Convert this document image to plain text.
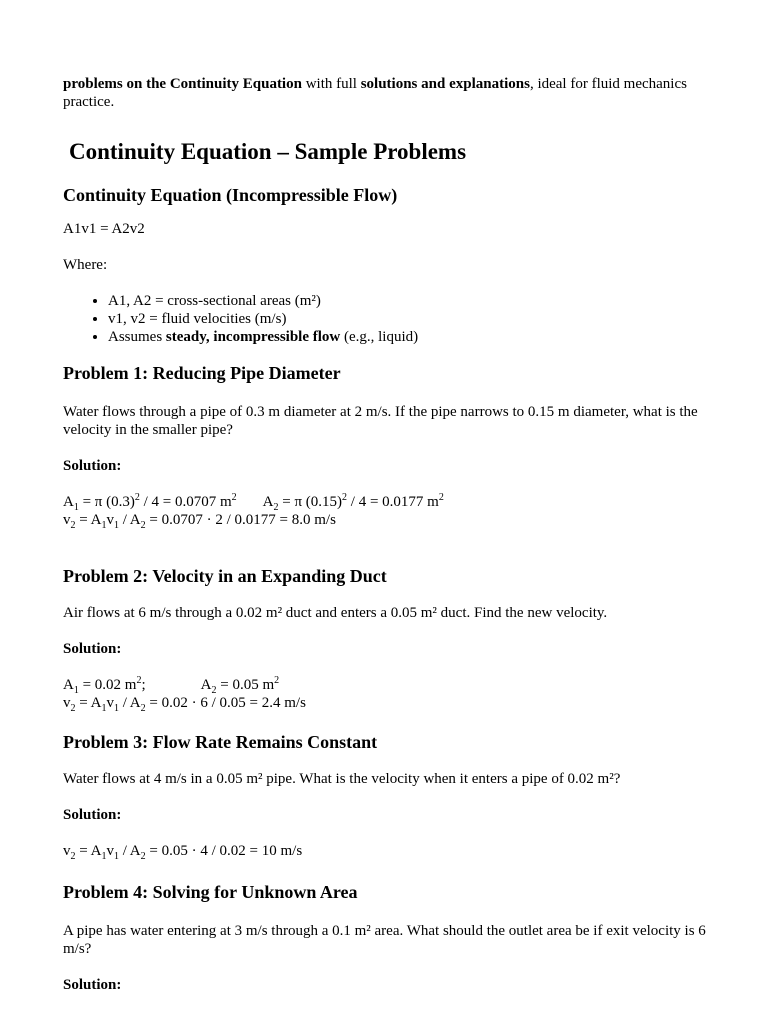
problems on the Continuity Equation with full solutions and explanations, ideal for fluid mechanics practice.

Continuity Equation – Sample Problems
Continuity Equation (Incompressible Flow)

A1v1 = A2v2

Where:

• A1, A2 = cross-sectional areas (m²)
• v1, v2 = fluid velocities (m/s)
• Assumes steady, incompressible flow (e.g., liquid)
Problem 1: Reducing Pipe Diameter

Water flows through a pipe of 0.3 m diameter at 2 m/s. If the pipe narrows to 0.15 m diameter, what is the velocity in the smaller pipe?

Solution:

$A_1 = \pi$ $(0.3)^2 / 4 = 0.0707$ $m^2$ $A_2 = \pi$ $(0.15)^2 / 4 = 0.0177$ $m^2$
$v_2 = A_1v_1 / A_2 = 0.0707 \cdot 2 / 0.0177 = 8.0$ m/s
Problem 2: Velocity in an Expanding Duct

Air flows at 6 m/s through a 0.02 m² duct and enters a 0.05 m² duct. Find the new velocity.

Solution:

$A_1 = 0.02$ $m^2$;	$A_2 = 0.05$ $m^2$
$v_2 = A_1v_1 / A_2 = 0.02 \cdot 6 / 0.05 = 2.4$ m/s
Problem 3: Flow Rate Remains Constant

Water flows at 4 m/s in a 0.05 m² pipe. What is the velocity when it enters a pipe of 0.02 m²?

Solution:

$v_2 = A_1v_1 / A_2 = 0.05 \cdot 4 / 0.02 = 10$ m/s
Problem 4: Solving for Unknown Area

A pipe has water entering at 3 m/s through a 0.1 m² area. What should the outlet area be if exit velocity is 6 m/s?

Solution:
